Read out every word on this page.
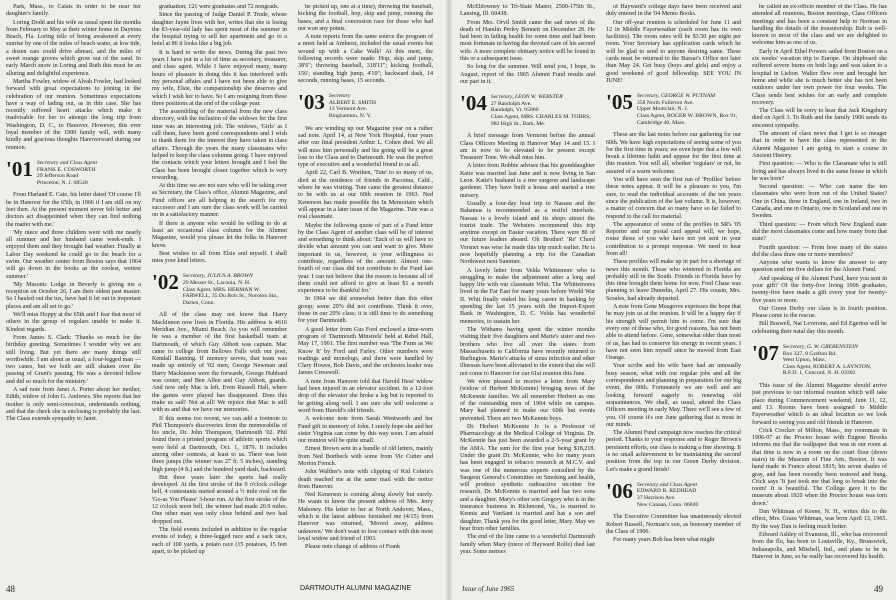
Park, Mass., to Calais in order to be near her daughter's family.

Loring Dodd and his wife as usual spent the months from February to May at their winter home in Daytona Beach, Fla. Loring tells of being awakened at every sunrise by one of the miles of beach water, at low tide, a dozen cars could drive abreast, and the miles of sweet orange groves which grow out of the sand. In early March snow in Loring and Ruth this must be an alluring and delightful experience.

Martha Fowler, widow of Alvah Fowler, had looked forward with great expectations to joining in the celebration of our reunion. Sometimes expectations have a way of fading out, as in this case. She has recently suffered heart attacks which make it inadvisable for her to attempt the long trip from Washington, D. C., to Hanover. However, this ever loyal member of the 1900 family will, with many kindly and gracious thoughts Hanoverward during our reunion.

'01 Secretary and Class Agent
FRANK E. COSWORTH
29 Jefferson Road
Princeton, N. J. 08540

From Harland E. Cate, his letter dated 'Of course I'll be in Hanover for the 65th, in 1966 if I am still on my feet then. At the present moment never felt better and doctors act disappointed when they can find nothing the matter with me.'

'My niece and three children were with me nearly all summer and her husband came week-ends. I enjoyed them and they brought bad weather. Finally at Labor Day weekend he could go to the beach for a swim. Our weather center from Boston says that 1964 will go down in the books as the coolest, wettest summer.'

'My Masonic Lodge in Beverly is giving me a reception on October 26, I am their oldest past master. So I hauled out the tux, have had it let out in important places and am all set to go.'

We'll miss Hoppy at the 65th and I fear that most of others in the group of regulars unable to make it. Kindest regards.

From James S. Clark: 'Thanks so much for the birthday greeting. Sometimes I wonder why we are still living. But yet there are many things still worthwhile. I am about as usual, a four-legged man — two canes, but we both are still shaken over the passing of Grant's passing. He was a devoted fellow and did so much for the ministry.'

A sad note from Janet A. Porter about her mother, Edith, widow of John G. Andrews. She reports that her mother is only semi-conscious, understands nothing, and that the check she is enclosing is probably the last. The Class extends sympathy to Janet.

graduation; 121 were graduates and 72 nongrads.

Since the passing of Judge Daniel P. Trude, whose daughter Jayne lives with her, writes that she is losing the 83-year-old lady has spent most of the summer in the hospital trying to sell her apartment and go to a hotel at 86 it looks like a big job.

It is hard to write the news. During the past two years I have put in a lot of time as secretary, treasurer, and class agent. While I have enjoyed many, many hours of pleasure in doing this it has interfered with my personal affairs and I have not been able to give my wife, Elsie, the companionship she deserves and which I wish her to have. So I am resigning from these three positions at the end of the college year.

The assembling of the material from the new class directory, with the inclusion of the widows for the first time was an interesting job. The widows, 'Girls' as I call them, have been good correspondents and I wish to thank them for the interest they have taken in class affairs. Through the years the many classmates who helped to keep the class columns going. I have enjoyed the contacts which your letters brought and I feel the Class has been brought closer together which is very rewarding.

At this time we are not sure who will be taking over as Secretary, the Class's office, Alumni Magazine, and Fund offices are all helping in the search for my successor and I am sure the class work will be carried on in a satisfactory manner.

If there is anyone who would be willing to do at least an occasional class column for the Alumni Magazine, would you please let the folks in Hanover know.

Best wishes to all from Elsie and myself. I shall miss your kind letters.

'02 Secretary, JULIUS A. BROWN
29 Messer St., Laconia, N. H.
Class Agent, MRS. HERMAN W. FARWELL, 35 Du Bois St., Noroton Sta., Darien, Conn.

All of the class may not know that Harry Mackinnon now lives in Florida. His address is 4616 Meridian Ave., Miami Beach. As you will remember he was a member of the first basketball team at Dartmouth, of which Guy Abbott was captain. Mac came to college from Bellows Falls with our poet, Kendall Banning. If memory serves, that team was made up entirely of '02 men, George Newman and Harry Mackinnon were the forwards, George Hubbard was center, and Ben Allen and Guy Abbott, guards. And now only Mac is left. Even Russell Hall, where the games were played has disappeared. Does this make us sad? Not at all! We rejoice that Mac is still with us and that we have our memories.

If this seems too recent, we can add a footnote to Phil Thompson's discoveries from the memorabilia of his uncle, Dr. John Thompson, Dartmouth '02. Phil found there a printed program of athletic sports which were held at Dartmouth, Oct. 1, 1879. It includes among other contests, at least to us. There was best three jumps (the winner was 27 ft. 5 inches), standing high jump (4 ft.) and the hundred yard dash, backward.

But three years later the sports had really developed. At the first stroke of the 9 o'clock college bell, 4 contestants started around a ½ mile oval on the 'Go-as You Please' 3-hour run. At the first stroke of the 12 o'clock noon bell, the winner had made 20.9 miles. One other man was only close behind and two had dropped out.

The field events included in addition to the regular events of today, a three-legged race and a sack race, each of 100 yards, a potato race (15 potatoes, 15 feet apart, to be picked up

be picked up, one at a time), throwing the baseball, kicking the football, hop, skip and jump, running the bases, and a final concession race for those who had not won any points.

A note reports from the same source the program of a meet held at Amherst, included the usual events but wound up with a Cake Walk! At this meet, the following records were made: Hop, skip and jump, 38'6"; throwing baseball, 318'11"; kicking football, 156'; standing high jump, 4'10"; backward dash, 14 seconds, running bases, 15 seconds.

'03 Secretary
ALBERT E. SMITH
13 Vermont Ave.
Binghamton, N. Y.

We are winding up our Magazine year on a rather sad note. April 14, at New York Hospital, four years after our final president Arthur L. Cohen died. We all will miss him personally and his going will be a great loss to the Class and to Dartmouth. He was the perfect type of executive and a wonderful friend to us all.

April 22, Carl B. Worthen, 'Tute' to so many of us, died at the residence of friends in Pacoima, Calif., where he was visiting. Tute came the greatest distance to be with us at our 60th reunion in 1963. Ned Kenerson has made possible the In Memoriam which will appear in a later issue of the Magazine. Tute was a real classmate.

Maybe the following quote of part of a Fund letter by the Class Agent of another class will be of interest and something to think about: 'Each of us will have to decide what amount you can and want to give. More important to us, however, is your willingness to contribute, regardless of the amount. Almost one-fourth of our class did not contribute to the Fund last year. I can not believe that the reason is because all of them could not afford to give at least $1 a month experience to be thankful for.'

In 1964 we did somewhat better than this other group; some 20% did not contribute. Think it over, those in our 20% class; it is still time to do something for your Dartmouth.

A good letter from Gus Ford enclosed a time-worn program of 'Dartmouth Minstrels' held at Rebel Hall, May 17, 1901. The first number was 'The Farm as We Know It' by Ford and Farley. Other numbers were readings and monologs, and there were handled by Clary Howes, Bob Davis, and the orchestra leader was James Cresswell.

A note from Hanover told that Harold Hess' widow had been injured in an elevator accident. In a 12-foot drop of the elevator she broke a leg but is reported to be getting along well. I am sure she will welcome a word from Harold's old friends.

A welcome note from Sarah Wentworth and her Fund gift in memory of John. I surely hope she and her sister Virginia can come by this way soon. I am afraid our reunion will be quite small.

Ernest Brown sent in a bundle of old letters, mainly from Ned Bortbeck with some from Vic Cutter and Morton French.

John Walther's note with clipping of Kid Cobrin's death reached me at the same mail with the notice from Hanover.

Ned Kenerson is coming along slowly but surely. He wants to know the present address of Mrs. Jerry Mahoney. His letter to her at North Andover, Mass., which is the latest address furnished me (4/15) from Hanover was returned, 'Moved away, address unknown.' We don't want to lose contact with this most loyal widow and friend of 1903.

Please note change of address of Frank

McEldowney to Tri-State Manor, 2500-175th St., Lansing, Ill. 60438.

From Mrs. Orvil Smith came the sad news of the death of Hamlin Perley Bennett on December 28. He had been in failing health for some time and had been most fortunate in having the devoted care of his second wife. A more complete obituary notice will be found in this or a subsequent issue.

So long for the summer. Will send you, I hope, in August, report of the 1965 Alumni Fund results and our part in it.

'04 Secretary, LEON W. WEBSTER
27 Randolph Ave.
Randolph, Vt. 05060
Class Agent, MRS. CHARLES M. TOBBS, 982 High St., Bath, Me.

A brief message from Vermont before the annual Class Officers Meeting in Hanover May 14 and 15. I am in now to be elevated to be present except Treasurer Tone. We shall miss him.

A letter from Robbie advises that his granddaughter Katie was married last June and is now living in San Leon. Katie's husband is a tree surgeon and landscape gardener. They have built a house and started a tree nursery.

Usually a four-day boat trip to Nassau and the Bahamas is recommended as a restful interlude. Nassau is a lovely island and its shops attract the tourist trade. The Websters recommend this trip anytime except on Easter vacation. There were 80 of our future leaders aboard. Oh Brother! 'Re' Chord Vorsnet was wise he made this trip much earlier. He is now hopefully planning a trip for the Canadian Northwest next Summer.

A lovely letter from Velda Whittemore who is struggling to make the adjustment after a long and happy life with our classmate Whit. The Whittemores lived in the Far East for many years before World War II. Whit finally ended his long career in banking by spending the last 15 years with the Import-Export Bank in Washington, D. C. Velda has wonderful memories, to sustain her.

The Withams having spent the winter months visiting their five daughters and Marie's sister and two brothers who live all over the states from Massachusetts to California have recently returned to Burlington. Marie's attacks of sinus infection and other illnesses have been alleviated to the extent that she will not come to Hanover for our 61st reunion this June.

We were pleased to receive a letter from Mary (widow of Herbert McKennie) bringing news of the McKennie families. We all remember Herbert as one of the outstanding men of 1904 while on campus. Mary had planned to make our 60th but events prevented. There are two McKennie boys.

Dr. Herbert McKennie Jr. is a Professor of Pharmacology at the Medical College of Virginia. Dr. McKennie has just been awarded a 2-5-year grant by the AMA. The sum for the first year being $18,218. Under the grant Dr. McKennie, who for many years has been engaged in tobacco research at M.C.V. and was one of the numerous experts consulted by the Surgeon General's Committee on Smoking and health, will produce synthetic radioactive nicotine for research. Dr. McKennie is married and has two sons and a daughter. Mary's other son Gregory who is in the insurance business in Richmond, Va., is married to Kennis and VanSant is married and has a son and daughter. Thank you for the good letter, Mary. May we hear from other families.

The end of the line came to a wonderful Dartmouth family when Mary (niece of Hayward Rolfe) died last year. Some memes

of Hayward's college days have been received and duly entered in the '04 Memo Books.

Our off-year reunion is scheduled for June 11 and 12 in Middle Fayerweather (each room has its own facilities). The room rates will be $3.50 per night per room. Your Secretary has application cards which he will be glad to send to anyone desiring same. These cards must be returned to the Bursar's Office not later than May 24. Get busy (boys and girls) and enjoy a good weekend of good fellowship. SEE YOU IN JUNE!

'05 Secretary, GEORGE W. PUTNAM
358 North Fullerton Ave.
Upper Montclair, N. J.
Class Agent, ROGER W. BROWN, Box 91, Cambridge 40, Mass.

These are the last notes before our gathering for our 60th. We have high expectations of seeing some of you for the first time in years; we even hope that a few will break a lifetime habit and appear for the first time at this reunion. You will all, whether 'regulars' or not, be assured of a warm welcome.

You will have seen the first run of 'Profiles' before these notes appear. It will be a pleasure to you, I'm sure, to read the individual accounts of the ten years since the publication of the last volume. It is, however, a matter of concern that so many have so far failed to respond to the call for material.

The appearance of some of the profiles in SR's '05 Reporter and our postal card appeal will, we hope, rouse those of you who have not yet sent in your contribution to a prompt response. We need to hear from all!

These profiles will make up in part for a shortage of news this month. Those who wintered in Florida are probably still in the South. Friends in Florida have by this time brought them home for now. Fred Chase was planning to leave Dunedin, April 27. His cousin, Mrs. Sceales, had already departed.

A note from Gene Musgrove expresses the hope that he may join us at the reunion. It will be a happy day if his strength will permit him to come. I'm sure that every one of those who, for good reasons, has not been able to attend before. Gene, somewhat older than most of us, has had to conserve his energy in recent years. I have not seen him myself since he moved from East Orange.

Your scribe and his wife have had an unusually busy season, what with our regular jobs and all the correspondence and planning in preparation for our big event, the 60th. Fortunately we are well and are looking forward eagerly to renewing old acquaintances. We shall, as usual, attend the Class Officers meeting in early May. There we'll see a few of you. Of course it's our June gathering that is most in our minds.

The Alumni Fund campaign now reaches the critical period. Thanks to your response and to Roger Brown's persistent efforts, our class is making a fine showing. It is no small achievement to be maintaining the second position from the top in our Green Derby division. Let's make a grand finish!

'06 Secretary and Class Agent
EDWARD B. REDHEAD
37 Harrison Ave.
New Canaan, Conn. 06840

The Executive Committee has unanimously elected Robert Russell, Norman's son, as honorary member of the Class of 1906.

For many years Bob has been what might

be called an ex-officio member of the Class. He has attended all reunions, Boston meetings, Class Officers meetings and has been a constant help to Norman in handling the details of the treasurership. Bob is well-known to most of the class and we are delighted to welcome him as one of us.

Early in April Ethel Powers sailed from Boston on a six weeks' vacation trip to Europe. On shipboard she suffered severe burns on both legs and was taken to a hospital in Lisbon. Walter flew over and brought her home and while she is much better she has not been outdoors under her own power for four weeks. The Class sends best wishes for an early and complete recovery.

The Class will be sorry to hear that Jack Kingsbury died on April 3. To Ruth and the family 1906 sends its sincerest sympathy.

The amount of class news that I get is so meager that in order to have the class represented in the Alumni Magazine I am going to start a course in Ancient History.

First question: — Who is the Classmate who is still living and has always lived in the same house in which he was born?

Second question: — Who can name the ten classmates who were born out of the United States? One in China, three in England, one in Ireland, two in Canada, and one in Ontario, one in Scotland and one in Sweden.

Third question: — From which New England state did the most classmates come and how many from that state?

Fourth question: — From how many of the states did the class draw one or more members?

Anyone who wants to know the answer to any question send me five dollars for the Alumni Fund.

And speaking of the Alumni Fund, have you sent in your gift? Of the forty-five living 1906 graduates, twenty-five have made a gift every year for twenty-five years or more.

Our Green Derby our class is in fourth position. Please come to the rescue.

Bill Boswell, Nat Leverone, and Ed Egerton will be celebrating their natal day this month.

'07 Secretary, G. W. GREBENSTEIN
Box 327, 8 Grafton Rd.
West Upton, Mass.
Class Agent, ROBERT A. LAYNTON, R.F.D. 1, Concord, N. H. 03302

This issue of the Alumni Magazine should arrive just previous to our informal reunion which will take place during Commencement weekend, June 11, 12, and 13. Rooms have been assigned to Middle Fayerweather which is an ideal location so we look forward to seeing you and old friends in Hanover.

Crick Crocker of Milton, Mass., my roommate in 1906-07 at the Proctor house with Eugene Brooks informs me that the wallpaper that was in our room at that time is now in a room on the court floor (down stairs) in the Museum of Fine Arts, Boston. It was hand made in France about 1815; his seven shades of gray, and has been recently been restored and hung. Crick says 'It just took me that long to break into the room! It is beautiful. The College gave it to the museum about 1920 when the Proctor house was torn down.'

Dan Whitman of Keene, N. H., writes this to the effect, Mrs. Grace Whitman, was born April 13, 1965. By the way Dan is feeling much better.

Edward Ashley of Evanston, Ill., who has recovered from the flu, has been to Louisville, Ky., Brunswick, Indianapolis, and Mitchell, Ind., and plans to be in Hanover in June, so he really has recovered his health.

48	DARTMOUTH ALUMNI MAGAZINE	Issue of June 1965	49
